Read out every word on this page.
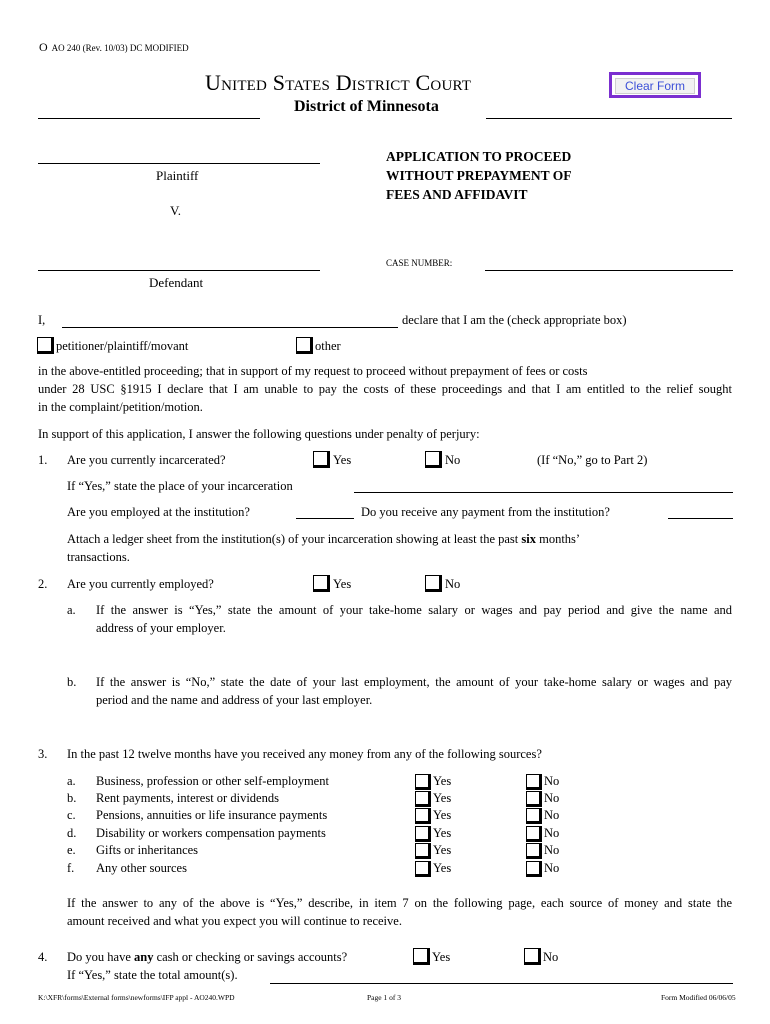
O AO 240 (Rev. 10/03) DC MODIFIED
United States District Court	Clear Form
District of Minnesota
Plaintiff
V.
Defendant
APPLICATION TO PROCEED
WITHOUT PREPAYMENT OF
FEES AND AFFIDAVIT
CASE NUMBER:
I,	declare that I am the (check appropriate box)
petitioner/plaintiff/movant	other
in the above-entitled proceeding; that in support of my request to proceed without prepayment of fees or costs
under 28 USC §1915 I declare that I am unable to pay the costs of these proceedings and that I am entitled to the relief sought
in the complaint/petition/motion.
In support of this application, I answer the following questions under penalty of perjury:
1. Are you currently incarcerated?	Yes	No	(If “No,” go to Part 2)
If “Yes,” state the place of your incarceration
Are you employed at the institution?	Do you receive any payment from the institution?
Attach a ledger sheet from the institution(s) of your incarceration showing at least the past six months’
transactions.
2. Are you currently employed?	Yes	No
a. If the answer is “Yes,” state the amount of your take-home salary or wages and pay period and give the name and
address of your employer.
b. If the answer is “No,” state the date of your last employment, the amount of your take-home salary or wages and pay
period and the name and address of your last employer.
3. In the past 12 twelve months have you received any money from any of the following sources?
a. Business, profession or other self-employment	Yes	No
b. Rent payments, interest or dividends	Yes	No
c. Pensions, annuities or life insurance payments	Yes	No
d. Disability or workers compensation payments	Yes	No
e. Gifts or inheritances	Yes	No
f. Any other sources	Yes	No
If the answer to any of the above is “Yes,” describe, in item 7 on the following page, each source of money and state the
amount received and what you expect you will continue to receive.
4. Do you have any cash or checking or savings accounts?	Yes	No
If “Yes,” state the total amount(s).
K:\XFR\forms\External forms\newforms\IFP appl - AO240.WPD	Page 1 of 3	Form Modified 06/06/05
